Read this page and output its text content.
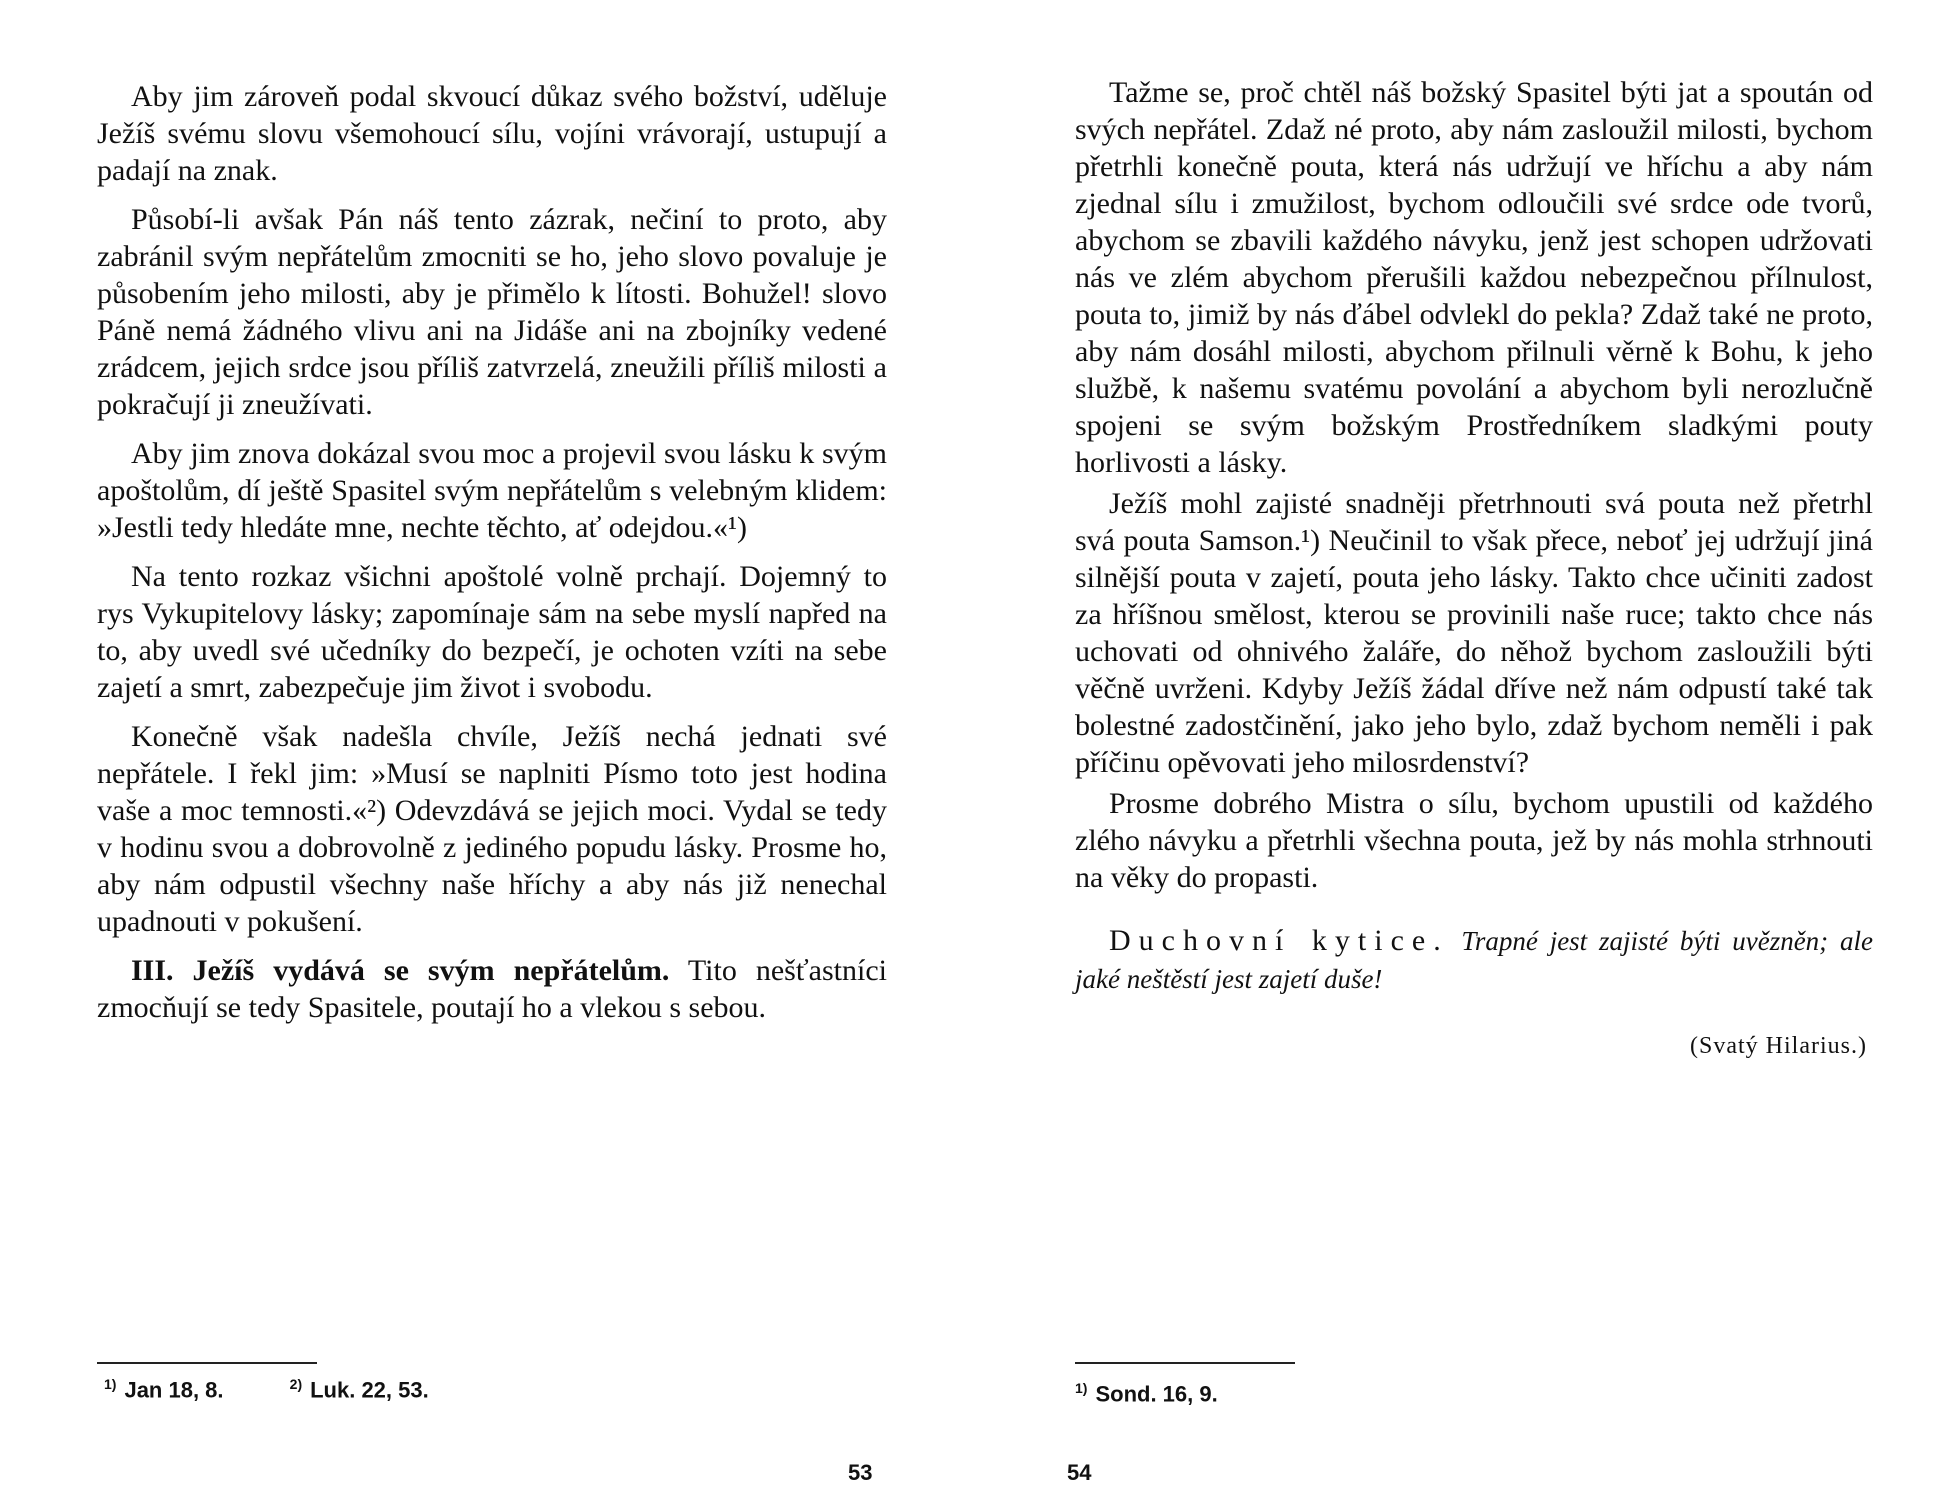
Aby jim zároveň podal skvoucí důkaz svého božství, uděluje Ježíš svému slovu všemohoucí sílu, vojíni vrávorají, ustupují a padají na znak.

Působí-li avšak Pán náš tento zázrak, nečiní to proto, aby zabránil svým nepřátelům zmocniti se ho, jeho slovo povaluje je působením jeho milosti, aby je přimělo k lítosti. Bohužel! slovo Páně nemá žádného vlivu ani na Jidáše ani na zbojníky vedené zrádcem, jejich srdce jsou příliš zatvrzelá, zneužili příliš milosti a pokračují ji zneužívati.

Aby jim znova dokázal svou moc a projevil svou lásku k svým apoštolům, dí ještě Spasitel svým nepřátelům s velebným klidem: »Jestli tedy hledáte mne, nechte těchto, ať odejdou.«¹)

Na tento rozkaz všichni apoštolé volně prchají. Dojemný to rys Vykupitelovy lásky; zapomínaje sám na sebe myslí napřed na to, aby uvedl své učedníky do bezpečí, je ochoten vzíti na sebe zajetí a smrt, zabezpečuje jim život i svobodu.

Konečně však nadešla chvíle, Ježíš nechá jednati své nepřátele. I řekl jim: »Musí se naplniti Písmo toto jest hodina vaše a moc temnosti.«²) Odevzdává se jejich moci. Vydal se tedy v hodinu svou a dobrovolně z jediného popudu lásky. Prosme ho, aby nám odpustil všechny naše hříchy a aby nás již nenechal upadnouti v pokušení.

III. Ježíš vydává se svým nepřátelům. Tito nešťastníci zmocňují se tedy Spasitele, poutají ho a vlekou s sebou.

$^{1)}$ Jan 18, 8.	$^{2)}$ Luk. 22, 53.
53

Tažme se, proč chtěl náš božský Spasitel býti jat a spoután od svých nepřátel. Zdaž né proto, aby nám zasloužil milosti, bychom přetrhli konečně pouta, která nás udržují ve hříchu a aby nám zjednal sílu i zmužilost, bychom odloučili své srdce ode tvorů, abychom se zbavili každého návyku, jenž jest schopen udržovati nás ve zlém abychom přerušili každou nebezpečnou přílnulost, pouta to, jimiž by nás ďábel odvlekl do pekla? Zdaž také ne proto, aby nám dosáhl milosti, abychom přilnuli věrně k Bohu, k jeho službě, k našemu svatému povolání a abychom byli nerozlučně spojeni se svým božským Prostředníkem sladkými pouty horlivosti a lásky.

Ježíš mohl zajisté snadněji přetrhnouti svá pouta než přetrhl svá pouta Samson.¹) Neučinil to však přece, neboť jej udržují jiná silnější pouta v zajetí, pouta jeho lásky. Takto chce učiniti zadost za hříšnou smělost, kterou se provinili naše ruce; takto chce nás uchovati od ohnivého žaláře, do něhož bychom zasloužili býti věčně uvrženi. Kdyby Ježíš žádal dříve než nám odpustí také tak bolestné zadostčinění, jako jeho bylo, zdaž bychom neměli i pak příčinu opěvovati jeho milosrdenství?

Prosme dobrého Mistra o sílu, bychom upustili od každého zlého návyku a přetrhli všechna pouta, jež by nás mohla strhnouti na věky do propasti.

Duchovní kytice. Trapné jest zajisté býti uvězněn; ale jaké neštěstí jest zajetí duše!

(Svatý Hilarius.)
$^{1)}$ Sond. 16, 9.
54
